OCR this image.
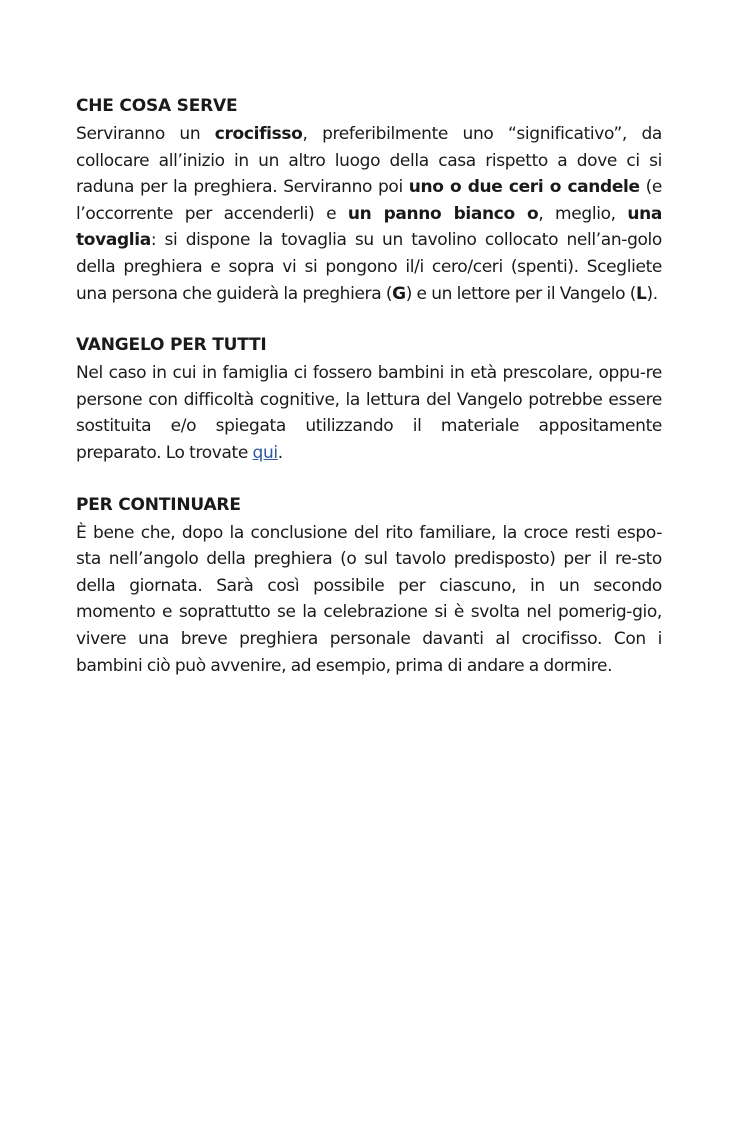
CHE COSA SERVE

Serviranno un crocifisso, preferibilmente uno “significativo”, da collocare all’inizio in un altro luogo della casa rispetto a dove ci si raduna per la preghiera. Serviranno poi uno o due ceri o candele (e l’occorrente per accenderli) e un panno bianco o, meglio, una tovaglia: si dispone la tovaglia su un tavolino collocato nell’an-golo della preghiera e sopra vi si pongono il/i cero/ceri (spenti). Scegliete una persona che guiderà la preghiera (G) e un lettore per il Vangelo (L).

VANGELO PER TUTTI

Nel caso in cui in famiglia ci fossero bambini in età prescolare, oppu-re persone con difficoltà cognitive, la lettura del Vangelo potrebbe essere sostituita e/o spiegata utilizzando il materiale appositamente preparato. Lo trovate qui.

PER CONTINUARE

È bene che, dopo la conclusione del rito familiare, la croce resti espo-sta nell’angolo della preghiera (o sul tavolo predisposto) per il re-sto della giornata. Sarà così possibile per ciascuno, in un secondo momento e soprattutto se la celebrazione si è svolta nel pomerig-gio, vivere una breve preghiera personale davanti al crocifisso. Con i bambini ciò può avvenire, ad esempio, prima di andare a dormire.
